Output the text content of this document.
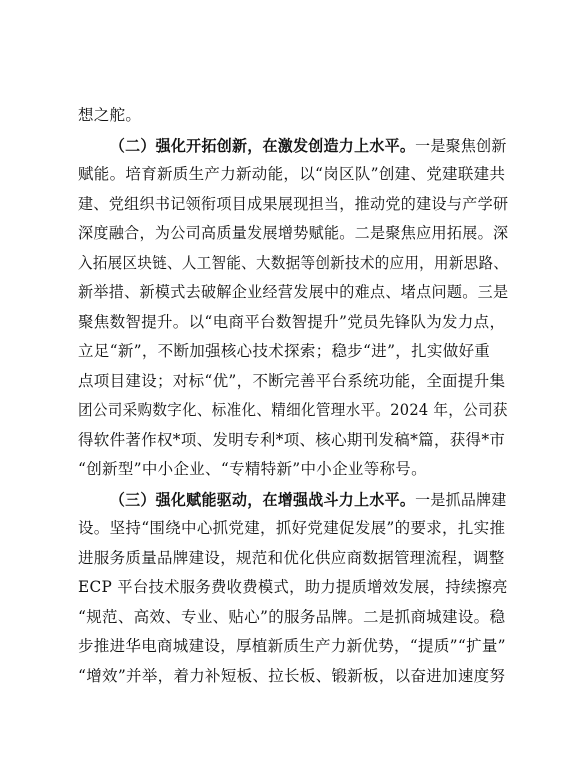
想之舵。
（二）强化开拓创新，在激发创造力上水平。一是聚焦创新
赋能。培育新质生产力新动能，以“岗区队”创建、党建联建共
建、党组织书记领衔项目成果展现担当，推动党的建设与产学研
深度融合，为公司高质量发展增势赋能。二是聚焦应用拓展。深
入拓展区块链、人工智能、大数据等创新技术的应用，用新思路、
新举措、新模式去破解企业经营发展中的难点、堵点问题。三是
聚焦数智提升。以“电商平台数智提升”党员先锋队为发力点，
立足“新”，不断加强核心技术探索；稳步“进”，扎实做好重
点项目建设；对标“优”，不断完善平台系统功能，全面提升集
团公司采购数字化、标准化、精细化管理水平。2024 年，公司获
得软件著作权*项、发明专利*项、核心期刊发稿*篇，获得*市
“创新型”中小企业、“专精特新”中小企业等称号。
（三）强化赋能驱动，在增强战斗力上水平。一是抓品牌建
设。坚持“围绕中心抓党建，抓好党建促发展”的要求，扎实推
进服务质量品牌建设，规范和优化供应商数据管理流程，调整
ECP 平台技术服务费收费模式，助力提质增效发展，持续擦亮
“规范、高效、专业、贴心”的服务品牌。二是抓商城建设。稳
步推进华电商城建设，厚植新质生产力新优势，“提质”“扩量”
“增效”并举，着力补短板、拉长板、锻新板，以奋进加速度努
